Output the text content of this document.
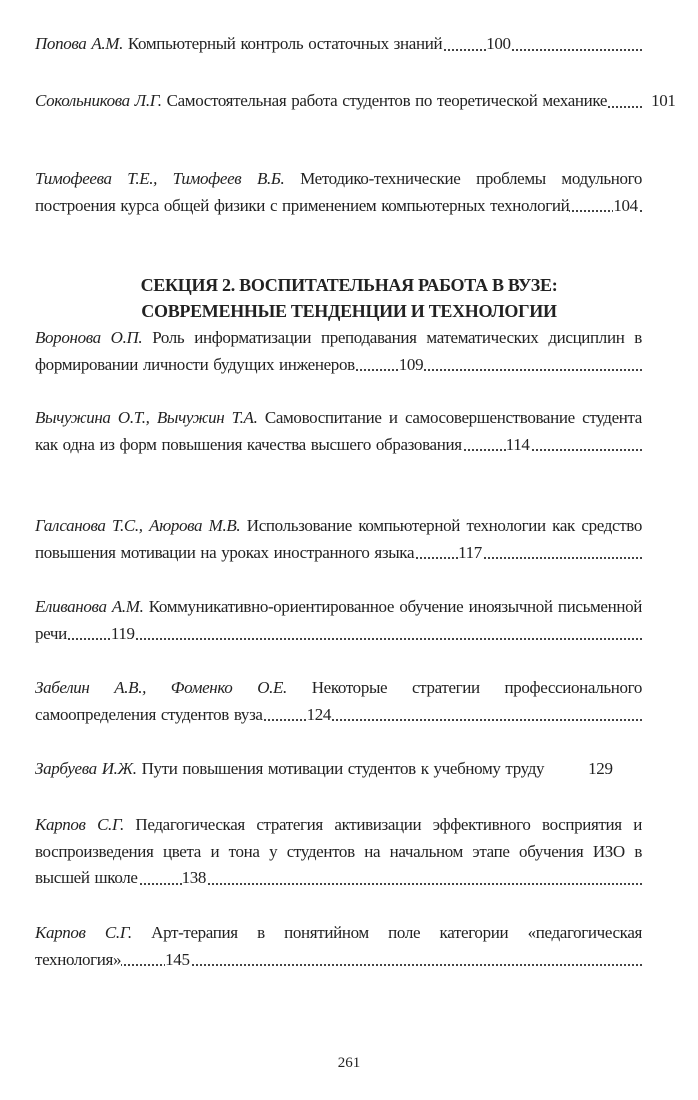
Попова А.М. Компьютерный контроль остаточных знаний	100

Сокольникова Л.Г. Самостоятельная работа студентов по теоретической механике	101

Тимофеева Т.Е., Тимофеев В.Б. Методико-технические проблемы модульного построения курса общей физики с применением компьютерных технологий	104

СЕКЦИЯ 2. ВОСПИТАТЕЛЬНАЯ РАБОТА В ВУЗЕ:
СОВРЕМЕННЫЕ ТЕНДЕНЦИИ И ТЕХНОЛОГИИ

Воронова О.П. Роль информатизации преподавания математических дисциплин в формировании личности будущих инженеров	109

Вычужина О.Т., Вычужин Т.А. Самовоспитание и самосовершенствование студента как одна из форм повышения качества высшего образования	114

Галсанова Т.С., Аюрова М.В. Использование компьютерной технологии как средство повышения мотивации на уроках иностранного языка	117

Еливанова А.М. Коммуникативно-ориентированное обучение иноязычной письменной речи	119

Забелин А.В., Фоменко О.Е. Некоторые стратегии профессионального самоопределения студентов вуза	124

Зарбуева И.Ж. Пути повышения мотивации студентов к учебному труду	129

Карпов С.Г. Педагогическая стратегия активизации эффективного восприятия и воспроизведения цвета и тона у студентов на начальном этапе обучения ИЗО в высшей школе	138

Карпов С.Г. Арт-терапия в понятийном поле категории «педагогическая технология»	145

261
